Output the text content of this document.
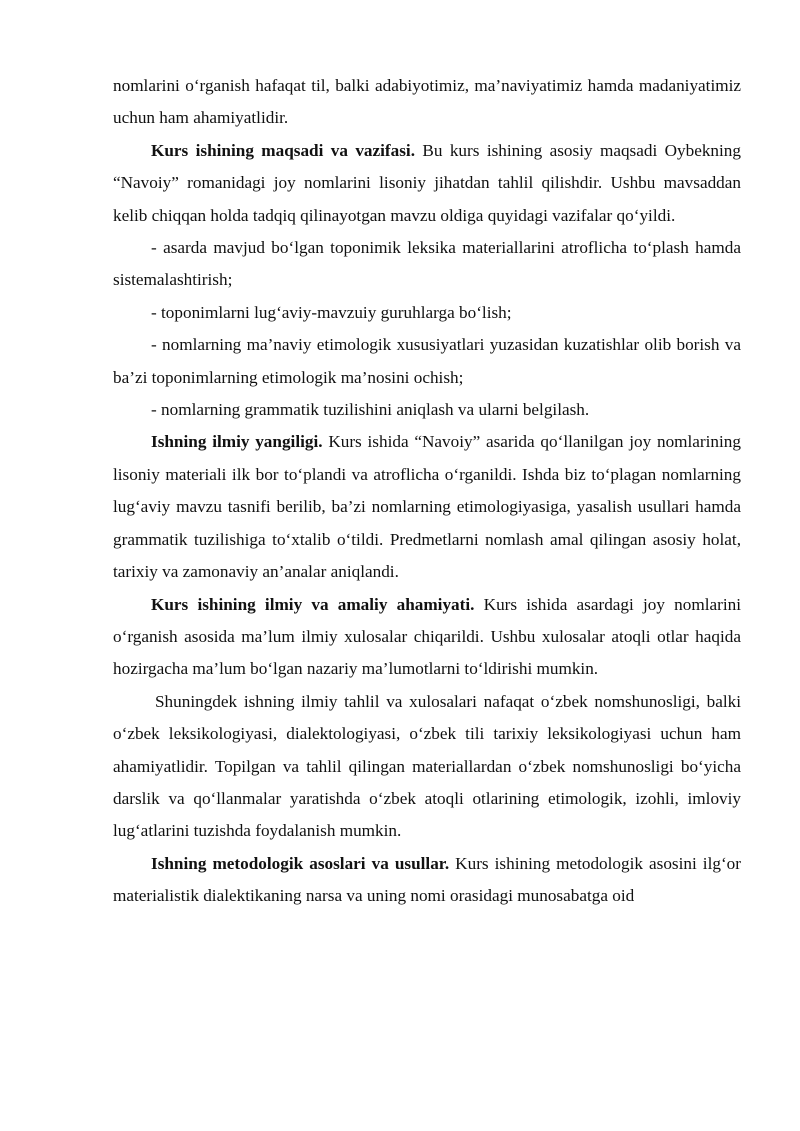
nomlarini o‘rganish hafaqat til, balki adabiyotimiz, ma’naviyatimiz hamda madaniyatimiz uchun ham ahamiyatlidir.

Kurs ishining maqsadi va vazifasi. Bu kurs ishining asosiy maqsadi Oybekning “Navoiy” romanidagi joy nomlarini lisoniy jihatdan tahlil qilishdir. Ushbu mavsaddan kelib chiqqan holda tadqiq qilinayotgan mavzu oldiga quyidagi vazifalar qo‘yildi.

- asarda mavjud bo‘lgan toponimik leksika materiallarini atroflicha to‘plash hamda sistemalashtirish;

- toponimlarni lug‘aviy-mavzuiy guruhlarga bo‘lish;

- nomlarning ma’naviy etimologik xususiyatlari yuzasidan kuzatishlar olib borish va ba’zi toponimlarning etimologik ma’nosini ochish;

- nomlarning grammatik tuzilishini aniqlash va ularni belgilash.

Ishning ilmiy yangiligi. Kurs ishida “Navoiy” asarida qo‘llanilgan joy nomlarining lisoniy materiali ilk bor to‘plandi va atroflicha o‘rganildi. Ishda biz to‘plagan nomlarning lug‘aviy mavzu tasnifi berilib, ba’zi nomlarning etimologiyasiga, yasalish usullari hamda grammatik tuzilishiga to‘xtalib o‘tildi. Predmetlarni nomlash amal qilingan asosiy holat, tarixiy va zamonaviy an’analar aniqlandi.

Kurs ishining ilmiy va amaliy ahamiyati. Kurs ishida asardagi joy nomlarini o‘rganish asosida ma’lum ilmiy xulosalar chiqarildi. Ushbu xulosalar atoqli otlar haqida hozirgacha ma’lum bo‘lgan nazariy ma’lumotlarni to‘ldirishi mumkin.

Shuningdek ishning ilmiy tahlil va xulosalari nafaqat o‘zbek nomshunosligi, balki o‘zbek leksikologiyasi, dialektologiyasi, o‘zbek tili tarixiy leksikologiyasi uchun ham ahamiyatlidir. Topilgan va tahlil qilingan materiallardan o‘zbek nomshunosligi bo‘yicha darslik va qo‘llanmalar yaratishda o‘zbek atoqli otlarining etimologik, izohli, imloviy lug‘atlarini tuzishda foydalanish mumkin.

Ishning metodologik asoslari va usullar. Kurs ishining metodologik asosini ilg‘or materialistik dialektikaning narsa va uning nomi orasidagi munosabatga oid
